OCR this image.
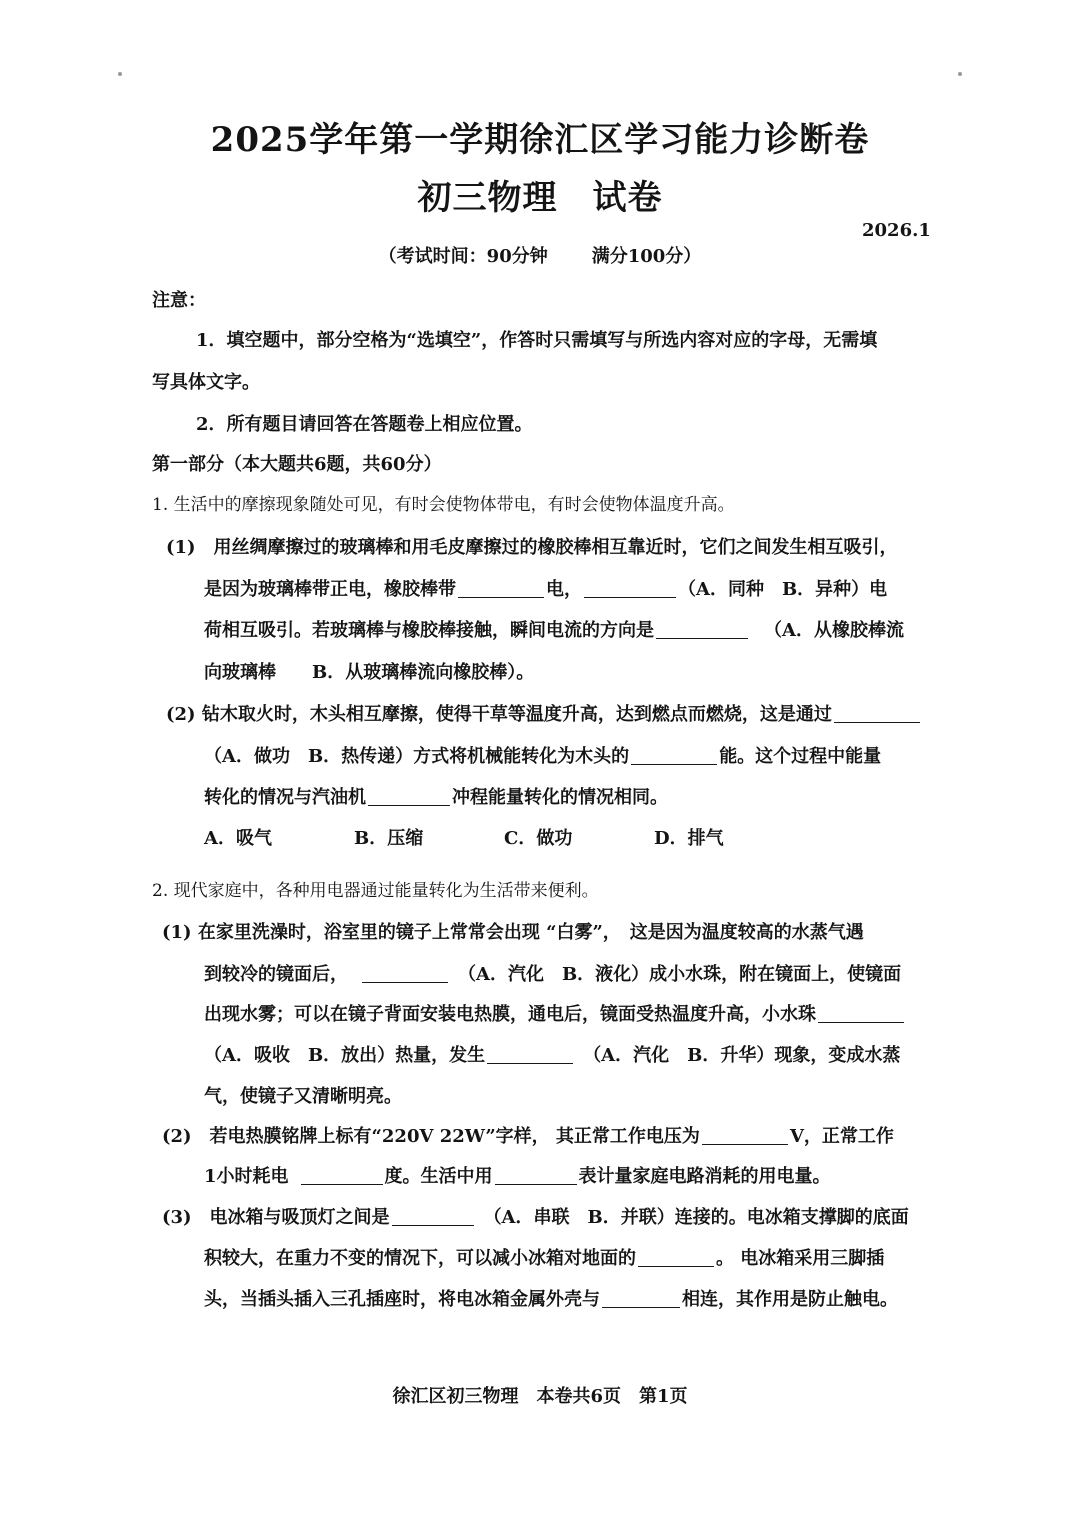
2025学年第一学期徐汇区学习能力诊断卷
初三物理　试卷
2026.1
（考试时间：90分钟 满分100分）
注意：
1．填空题中，部分空格为“选填空”，作答时只需填写与所选内容对应的字母，无需填
写具体文字。
2．所有题目请回答在答题卷上相应位置。
第一部分（本大题共6题，共60分）
1. 生活中的摩擦现象随处可见，有时会使物体带电，有时会使物体温度升高。
(1)　用丝绸摩擦过的玻璃棒和用毛皮摩擦过的橡胶棒相互靠近时，它们之间发生相互吸引，
是因为玻璃棒带正电，橡胶棒带	电，	（A．同种　B．异种）电
荷相互吸引。若玻璃棒与橡胶棒接触，瞬间电流的方向是	（A．从橡胶棒流
向玻璃棒　　B．从玻璃棒流向橡胶棒）。
(2) 钻木取火时，木头相互摩擦，使得干草等温度升高，达到燃点而燃烧，这是通过
（A．做功　B．热传递）方式将机械能转化为木头的	能。这个过程中能量
转化的情况与汽油机	冲程能量转化的情况相同。
A．吸气	B．压缩	C．做功	D．排气
2. 现代家庭中，各种用电器通过能量转化为生活带来便利。
(1) 在家里洗澡时，浴室里的镜子上常常会出现 “白雾”，　这是因为温度较高的水蒸气遇
到较冷的镜面后，	（A．汽化　B．液化）成小水珠，附在镜面上，使镜面
出现水雾；可以在镜子背面安装电热膜，通电后，镜面受热温度升高，小水珠
（A．吸收　B．放出）热量，发生	（A．汽化　B．升华）现象，变成水蒸
气，使镜子又清晰明亮。
(2)　若电热膜铭牌上标有“220V 22W”字样， 其正常工作电压为	V，正常工作
1小时耗电	度。生活中用	表计量家庭电路消耗的用电量。
(3)　电冰箱与吸顶灯之间是	（A．串联　B．并联）连接的。电冰箱支撑脚的底面
积较大，在重力不变的情况下，可以减小冰箱对地面的	。 电冰箱采用三脚插
头，当插头插入三孔插座时，将电冰箱金属外壳与	相连，其作用是防止触电。
徐汇区初三物理　本卷共6页　第1页
